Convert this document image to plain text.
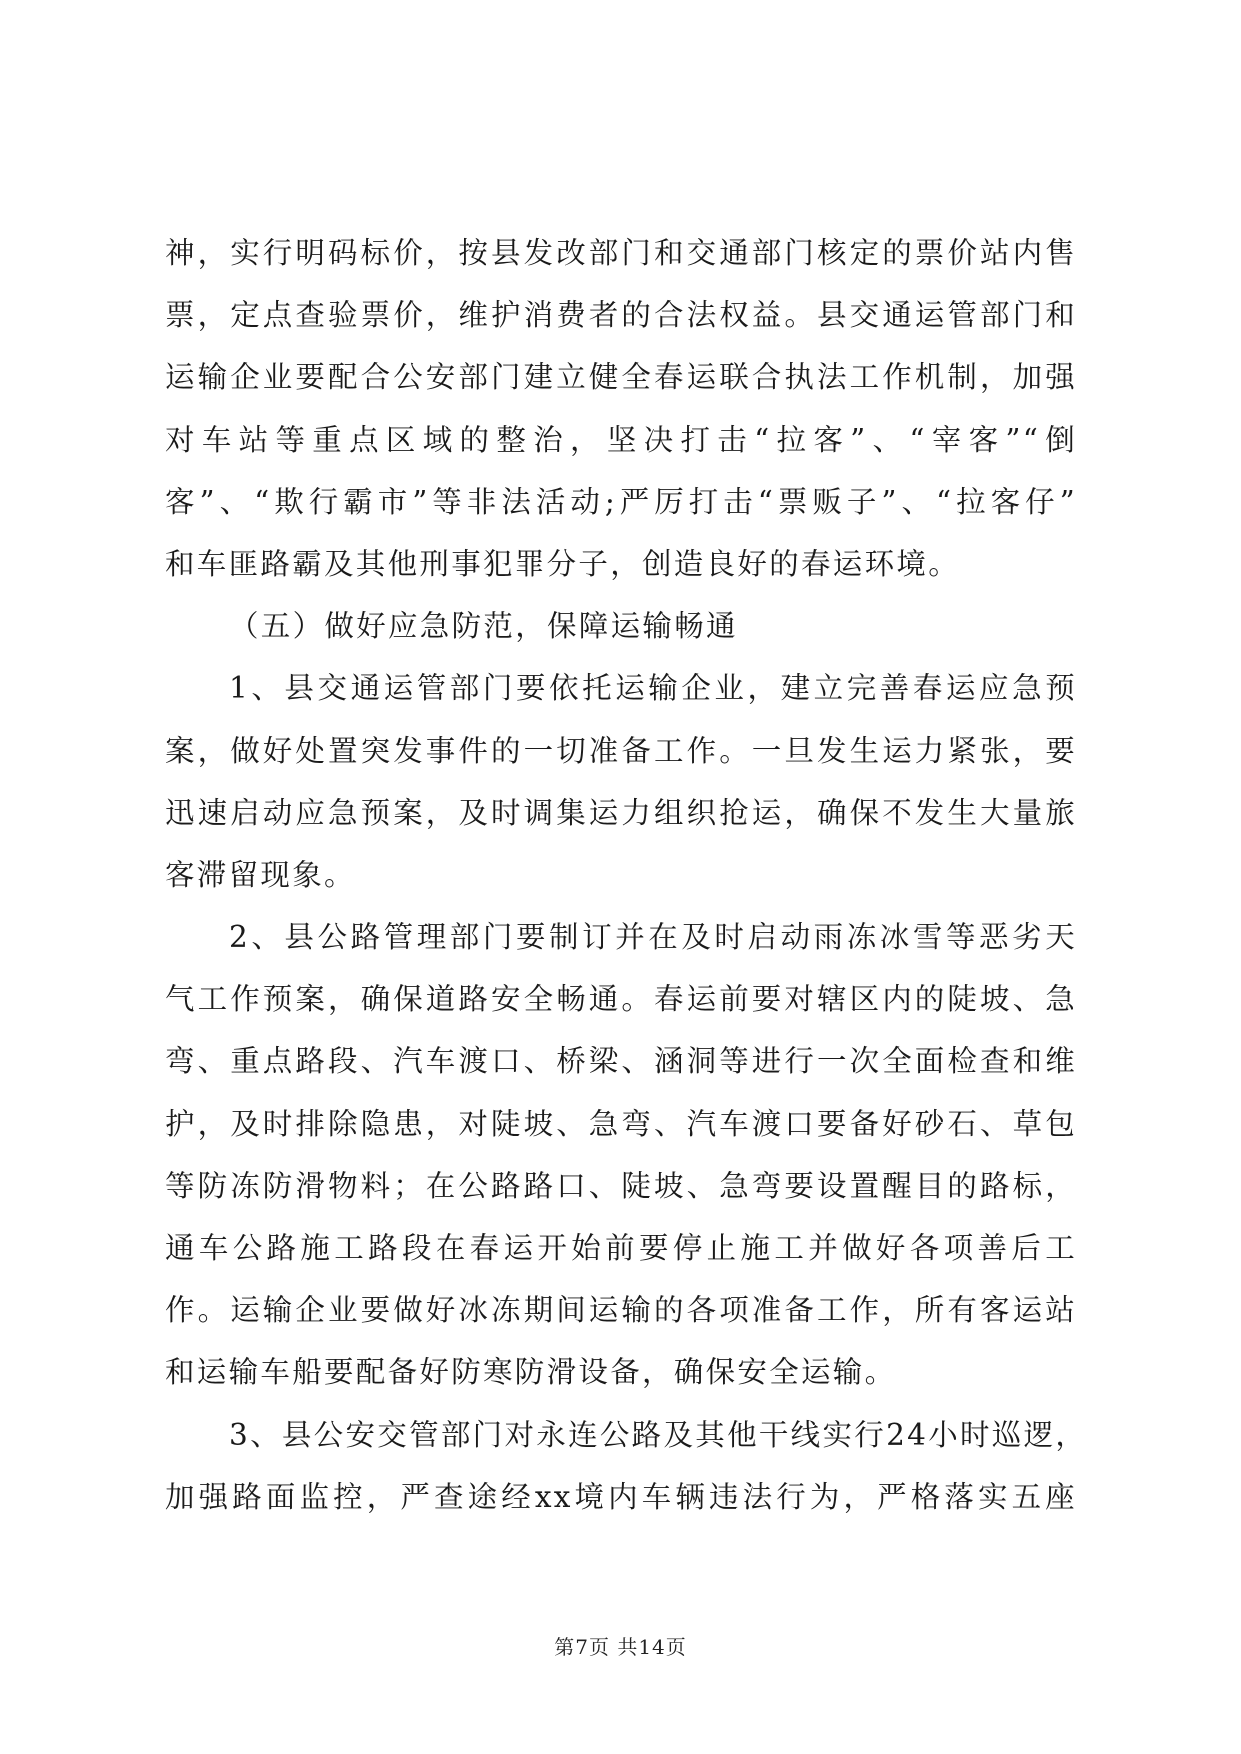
神，实行明码标价，按县发改部门和交通部门核定的票价站内售
票，定点查验票价，维护消费者的合法权益。县交通运管部门和
运输企业要配合公安部门建立健全春运联合执法工作机制，加强
对车站等重点区域的整治，坚决打击“拉客”、“宰客”“倒
客”、“欺行霸市”等非法活动;严厉打击“票贩子”、“拉客仔”
和车匪路霸及其他刑事犯罪分子，创造良好的春运环境。
（五）做好应急防范，保障运输畅通
1、县交通运管部门要依托运输企业，建立完善春运应急预
案，做好处置突发事件的一切准备工作。一旦发生运力紧张，要
迅速启动应急预案，及时调集运力组织抢运，确保不发生大量旅
客滞留现象。
2、县公路管理部门要制订并在及时启动雨冻冰雪等恶劣天
气工作预案，确保道路安全畅通。春运前要对辖区内的陡坡、急
弯、重点路段、汽车渡口、桥梁、涵洞等进行一次全面检查和维
护，及时排除隐患，对陡坡、急弯、汽车渡口要备好砂石、草包
等防冻防滑物料；在公路路口、陡坡、急弯要设置醒目的路标，
通车公路施工路段在春运开始前要停止施工并做好各项善后工
作。运输企业要做好冰冻期间运输的各项准备工作，所有客运站
和运输车船要配备好防寒防滑设备，确保安全运输。
3、县公安交管部门对永连公路及其他干线实行24小时巡逻，
加强路面监控，严查途经xx境内车辆违法行为，严格落实五座
第7页 共14页
